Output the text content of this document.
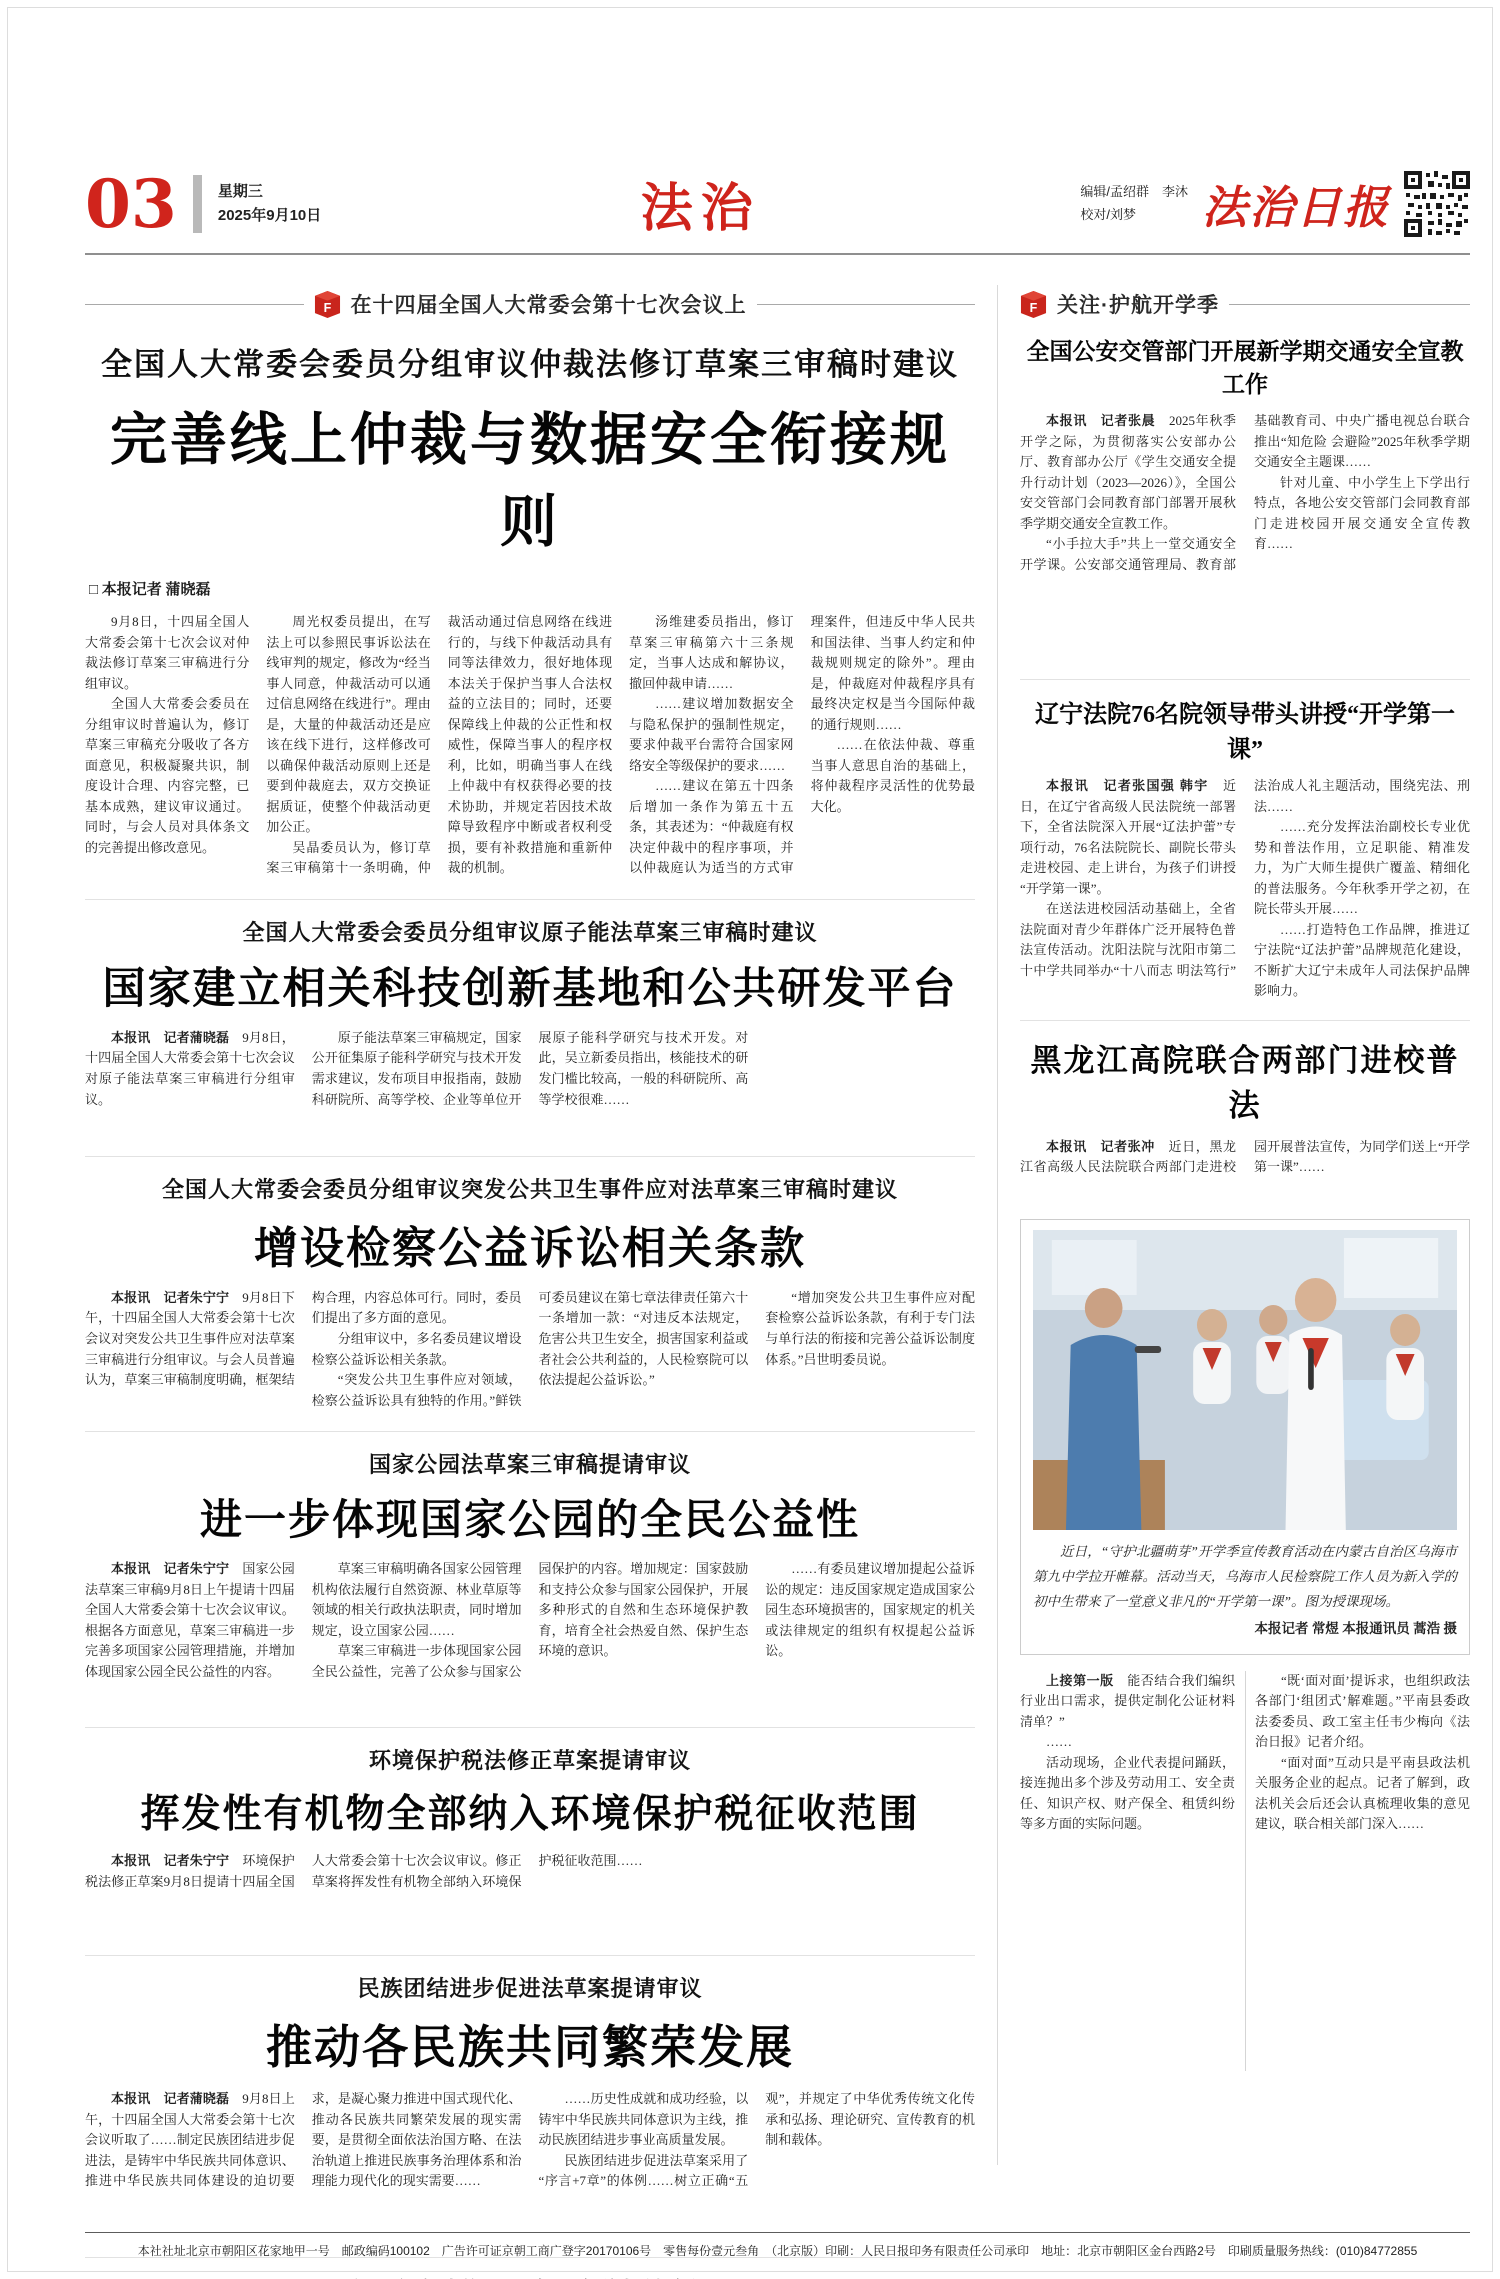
03	星期三
2025年9月10日	法治	编辑/孟绍群　李沐
校对/刘梦	法治日报
F 在十四届全国人大常委会第十七次会议上
全国人大常委会委员分组审议仲裁法修订草案三审稿时建议
完善线上仲裁与数据安全衔接规则
□ 本报记者 蒲晓磊

9月8日，十四届全国人大常委会第十七次会议对仲裁法修订草案三审稿进行分组审议。

全国人大常委会委员在分组审议时普遍认为，修订草案三审稿充分吸收了各方面意见，积极凝聚共识，制度设计合理、内容完整，已基本成熟，建议审议通过。同时，与会人员对具体条文的完善提出修改意见。

周光权委员提出，在写法上可以参照民事诉讼法在线审判的规定，修改为“经当事人同意，仲裁活动可以通过信息网络在线进行”。理由是，大量的仲裁活动还是应该在线下进行，这样修改可以确保仲裁活动原则上还是要到仲裁庭去，双方交换证据质证，使整个仲裁活动更加公正。

吴晶委员认为，修订草案三审稿第十一条明确，仲裁活动通过信息网络在线进行的，与线下仲裁活动具有同等法律效力，很好地体现本法关于保护当事人合法权益的立法目的；同时，还要保障线上仲裁的公正性和权威性，保障当事人的程序权利，比如，明确当事人在线上仲裁中有权获得必要的技术协助，并规定若因技术故障导致程序中断或者权利受损，要有补救措施和重新仲裁的机制。

汤维建委员指出，修订草案三审稿第六十三条规定，当事人达成和解协议，撤回仲裁申请……

……建议增加数据安全与隐私保护的强制性规定，要求仲裁平台需符合国家网络安全等级保护的要求……

……建议在第五十四条后增加一条作为第五十五条，其表述为：“仲裁庭有权决定仲裁中的程序事项，并以仲裁庭认为适当的方式审理案件，但违反中华人民共和国法律、当事人约定和仲裁规则规定的除外”。理由是，仲裁庭对仲裁程序具有最终决定权是当今国际仲裁的通行规则……

……在依法仲裁、尊重当事人意思自治的基础上，将仲裁程序灵活性的优势最大化。

全国人大常委会委员分组审议原子能法草案三审稿时建议
国家建立相关科技创新基地和公共研发平台

本报讯　记者蒲晓磊　9月8日，十四届全国人大常委会第十七次会议对原子能法草案三审稿进行分组审议。

原子能法草案三审稿规定，国家公开征集原子能科学研究与技术开发需求建议，发布项目申报指南，鼓励科研院所、高等学校、企业等单位开展原子能科学研究与技术开发。对此，吴立新委员指出，核能技术的研发门槛比较高，一般的科研院所、高等学校很难……

全国人大常委会委员分组审议突发公共卫生事件应对法草案三审稿时建议
增设检察公益诉讼相关条款

本报讯　记者朱宁宁　9月8日下午，十四届全国人大常委会第十七次会议对突发公共卫生事件应对法草案三审稿进行分组审议。与会人员普遍认为，草案三审稿制度明确，框架结构合理，内容总体可行。同时，委员们提出了多方面的意见。

分组审议中，多名委员建议增设检察公益诉讼相关条款。

“突发公共卫生事件应对领域，检察公益诉讼具有独特的作用。”鲜铁可委员建议在第七章法律责任第六十一条增加一款：“对违反本法规定，危害公共卫生安全，损害国家利益或者社会公共利益的，人民检察院可以依法提起公益诉讼。”

“增加突发公共卫生事件应对配套检察公益诉讼条款，有利于专门法与单行法的衔接和完善公益诉讼制度体系。”吕世明委员说。

国家公园法草案三审稿提请审议
进一步体现国家公园的全民公益性

本报讯　记者朱宁宁　国家公园法草案三审稿9月8日上午提请十四届全国人大常委会第十七次会议审议。根据各方面意见，草案三审稿进一步完善多项国家公园管理措施，并增加体现国家公园全民公益性的内容。

草案三审稿明确各国家公园管理机构依法履行自然资源、林业草原等领域的相关行政执法职责，同时增加规定，设立国家公园……

草案三审稿进一步体现国家公园全民公益性，完善了公众参与国家公园保护的内容。增加规定：国家鼓励和支持公众参与国家公园保护，开展多种形式的自然和生态环境保护教育，培育全社会热爱自然、保护生态环境的意识。

……有委员建议增加提起公益诉讼的规定：违反国家规定造成国家公园生态环境损害的，国家规定的机关或法律规定的组织有权提起公益诉讼。

环境保护税法修正草案提请审议
挥发性有机物全部纳入环境保护税征收范围

本报讯　记者朱宁宁　环境保护税法修正草案9月8日提请十四届全国人大常委会第十七次会议审议。修正草案将挥发性有机物全部纳入环境保护税征收范围……

民族团结进步促进法草案提请审议
推动各民族共同繁荣发展

本报讯　记者蒲晓磊　9月8日上午，十四届全国人大常委会第十七次会议听取了……制定民族团结进步促进法，是铸牢中华民族共同体意识、推进中华民族共同体建设的迫切要求，是凝心聚力推进中国式现代化、推动各民族共同繁荣发展的现实需要，是贯彻全面依法治国方略、在法治轨道上推进民族事务治理体系和治理能力现代化的现实需要……

……历史性成就和成功经验，以铸牢中华民族共同体意识为主线，推动民族团结进步事业高质量发展。

民族团结进步促进法草案采用了“序言+7章”的体例……树立正确“五观”，并规定了中华优秀传统文化传承和弘扬、理论研究、宣传教育的机制和载体。

F 关注·护航开学季
全国公安交管部门开展新学期交通安全宣教工作

本报讯　记者张晨　2025年秋季开学之际，为贯彻落实公安部办公厅、教育部办公厅《学生交通安全提升行动计划（2023—2026）》，全国公安交管部门会同教育部门部署开展秋季学期交通安全宣教工作。

“小手拉大手”共上一堂交通安全开学课。公安部交通管理局、教育部基础教育司、中央广播电视总台联合推出“知危险 会避险”2025年秋季学期交通安全主题课……

针对儿童、中小学生上下学出行特点，各地公安交管部门会同教育部门走进校园开展交通安全宣传教育……

辽宁法院76名院领导带头讲授“开学第一课”

本报讯　记者张国强 韩宇　近日，在辽宁省高级人民法院统一部署下，全省法院深入开展“辽法护蕾”专项行动，76名法院院长、副院长带头走进校园、走上讲台，为孩子们讲授“开学第一课”。

在送法进校园活动基础上，全省法院面对青少年群体广泛开展特色普法宣传活动。沈阳法院与沈阳市第二十中学共同举办“十八而志 明法笃行”法治成人礼主题活动，围绕宪法、刑法……

……充分发挥法治副校长专业优势和普法作用，立足职能、精准发力，为广大师生提供广覆盖、精细化的普法服务。今年秋季开学之初，在院长带头开展……

……打造特色工作品牌，推进辽宁法院“辽法护蕾”品牌规范化建设，不断扩大辽宁未成年人司法保护品牌影响力。

黑龙江高院联合两部门进校普法

本报讯　记者张冲　近日，黑龙江省高级人民法院联合两部门走进校园开展普法宣传，为同学们送上“开学第一课”……

近日，“守护北疆萌芽”开学季宣传教育活动在内蒙古自治区乌海市第九中学拉开帷幕。活动当天，乌海市人民检察院工作人员为新入学的初中生带来了一堂意义非凡的“开学第一课”。图为授课现场。
本报记者 常煜 本报通讯员 蒿浩 摄

上接第一版　能否结合我们编织行业出口需求，提供定制化公证材料清单？”

……

活动现场，企业代表提问踊跃，接连抛出多个涉及劳动用工、安全责任、知识产权、财产保全、租赁纠纷等多方面的实际问题。

“既‘面对面’提诉求，也组织政法各部门‘组团式’解难题。”平南县委政法委委员、政工室主任韦少梅向《法治日报》记者介绍。

“面对面”互动只是平南县政法机关服务企业的起点。记者了解到，政法机关会后还会认真梳理收集的意见建议，联合相关部门深入……

本社社址北京市朝阳区花家地甲一号　邮政编码100102　广告许可证京朝工商广登字20170106号　零售每份壹元叁角　（北京版）印刷：人民日报印务有限责任公司承印　地址：北京市朝阳区金台西路2号　印刷质量服务热线：(010)84772855
